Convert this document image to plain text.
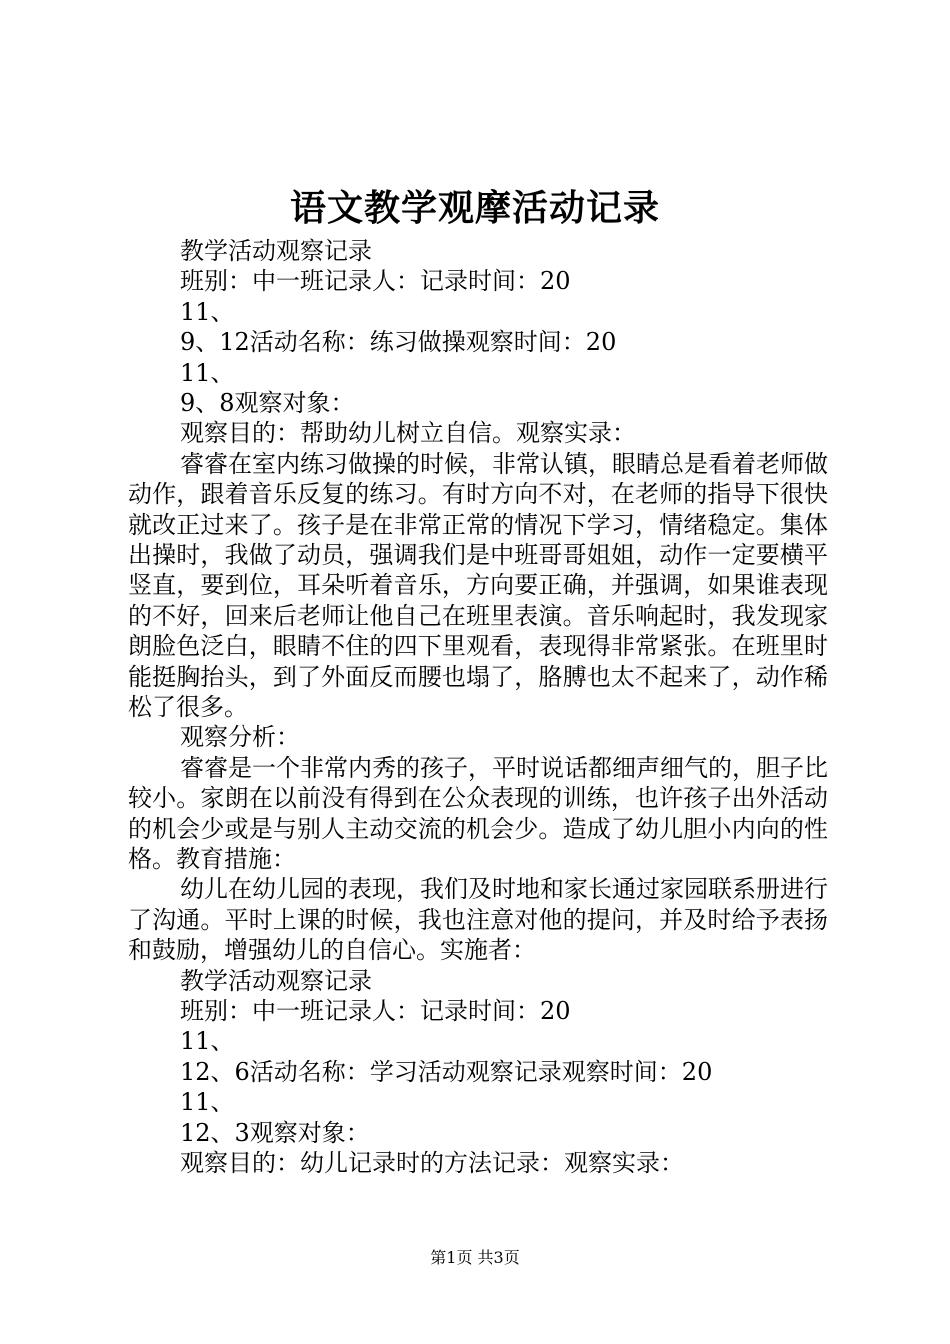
语文教学观摩活动记录
教学活动观察记录
班别：中一班记录人：记录时间：20
11、
9、12活动名称：练习做操观察时间：20
11、
9、8观察对象：
观察目的：帮助幼儿树立自信。观察实录：
睿睿在室内练习做操的时候，非常认镇，眼睛总是看着老师做动作，跟着音乐反复的练习。有时方向不对，在老师的指导下很快就改正过来了。孩子是在非常正常的情况下学习，情绪稳定。集体出操时，我做了动员，强调我们是中班哥哥姐姐，动作一定要横平竖直，要到位，耳朵听着音乐，方向要正确，并强调，如果谁表现的不好，回来后老师让他自己在班里表演。音乐响起时，我发现家朗脸色泛白，眼睛不住的四下里观看，表现得非常紧张。在班里时能挺胸抬头，到了外面反而腰也塌了，胳膊也太不起来了，动作稀松了很多。
观察分析：
睿睿是一个非常内秀的孩子，平时说话都细声细气的，胆子比较小。家朗在以前没有得到在公众表现的训练，也许孩子出外活动的机会少或是与别人主动交流的机会少。造成了幼儿胆小内向的性格。教育措施：
幼儿在幼儿园的表现，我们及时地和家长通过家园联系册进行了沟通。平时上课的时候，我也注意对他的提问，并及时给予表扬和鼓励，增强幼儿的自信心。实施者：
教学活动观察记录
班别：中一班记录人：记录时间：20
11、
12、6活动名称：学习活动观察记录观察时间：20
11、
12、3观察对象：
观察目的：幼儿记录时的方法记录：观察实录：
第1页 共3页
